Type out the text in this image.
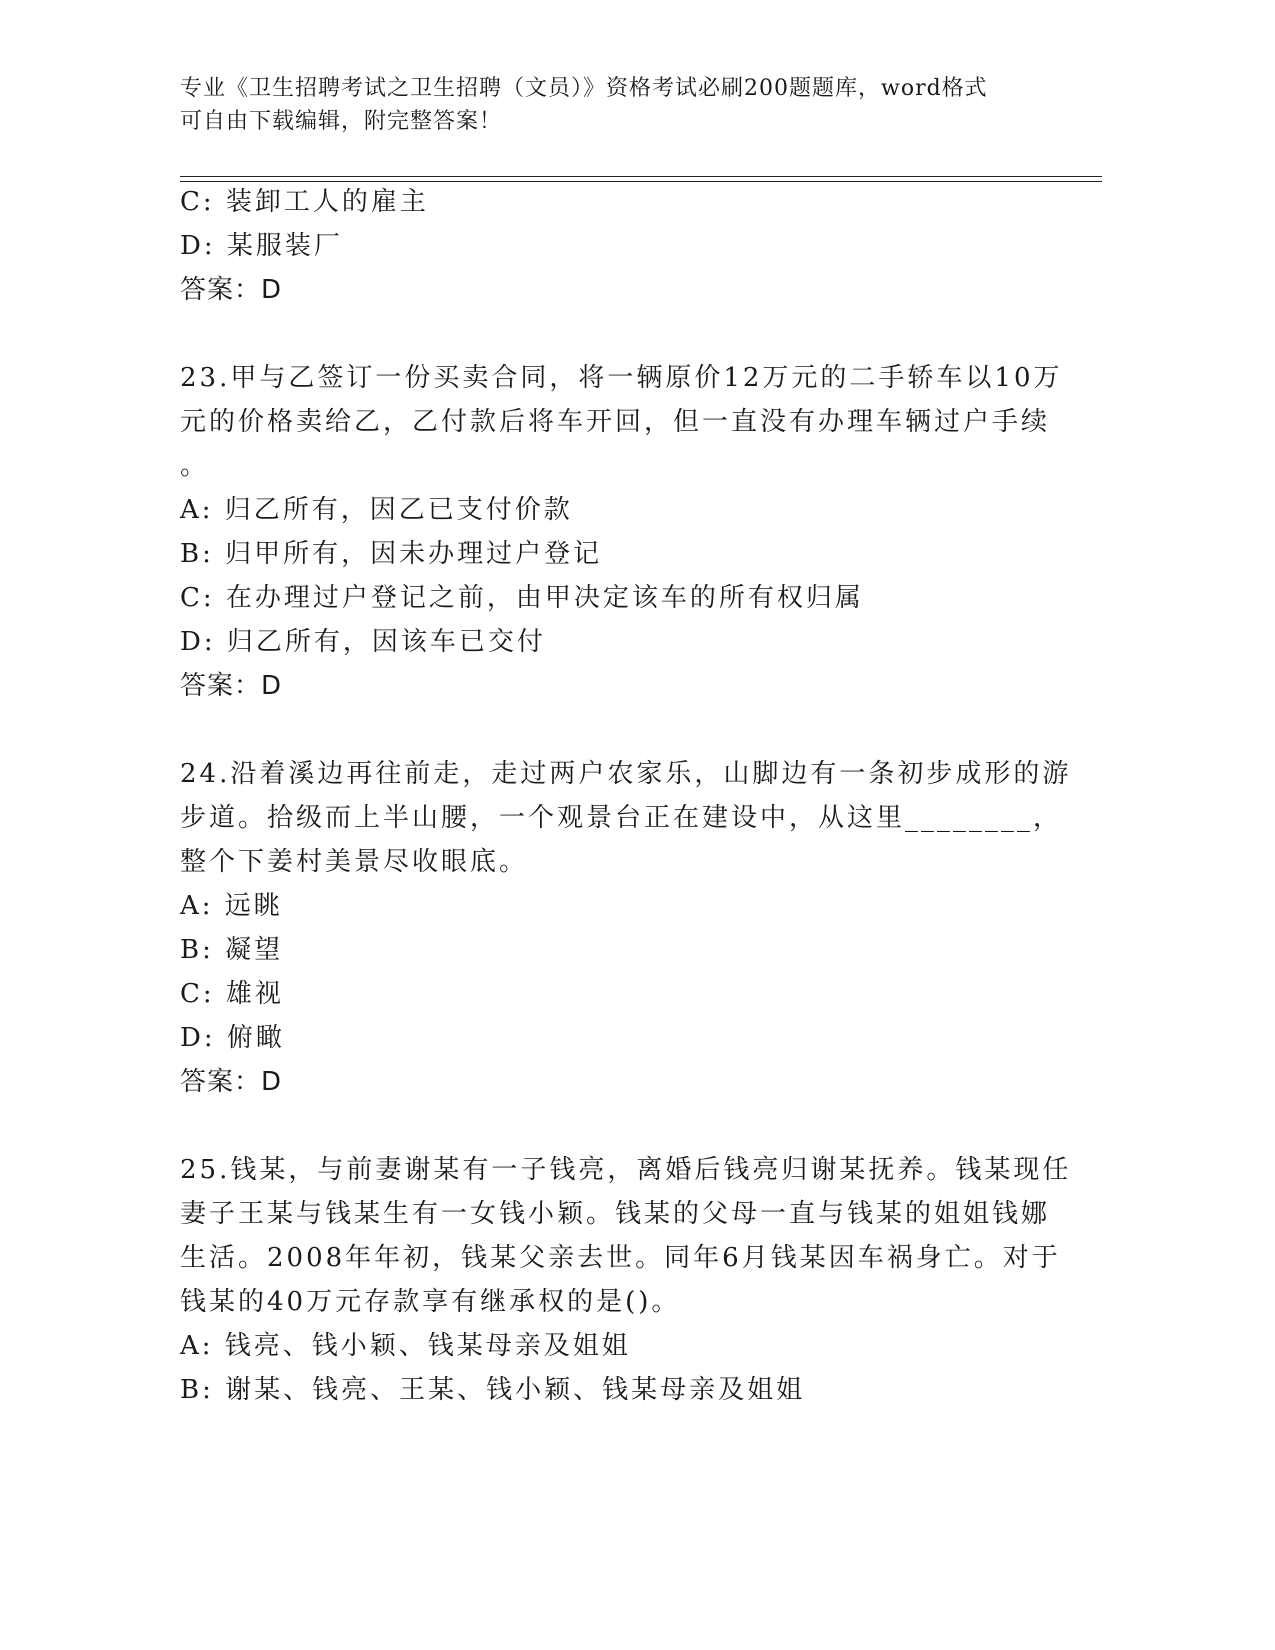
专业《卫生招聘考试之卫生招聘（文员）》资格考试必刷200题题库，word格式
可自由下载编辑，附完整答案！
C: 装卸工人的雇主
D: 某服装厂
答案：D
23.甲与乙签订一份买卖合同，将一辆原价12万元的二手轿车以10万
元的价格卖给乙，乙付款后将车开回，但一直没有办理车辆过户手续
。
A: 归乙所有，因乙已支付价款
B: 归甲所有，因未办理过户登记
C: 在办理过户登记之前，由甲决定该车的所有权归属
D: 归乙所有，因该车已交付
答案：D
24.沿着溪边再往前走，走过两户农家乐，山脚边有一条初步成形的游
步道。拾级而上半山腰，一个观景台正在建设中，从这里________，
整个下姜村美景尽收眼底。
A: 远眺
B: 凝望
C: 雄视
D: 俯瞰
答案：D
25.钱某，与前妻谢某有一子钱亮，离婚后钱亮归谢某抚养。钱某现任
妻子王某与钱某生有一女钱小颖。钱某的父母一直与钱某的姐姐钱娜
生活。2008年年初，钱某父亲去世。同年6月钱某因车祸身亡。对于
钱某的40万元存款享有继承权的是()。
A: 钱亮、钱小颖、钱某母亲及姐姐
B: 谢某、钱亮、王某、钱小颖、钱某母亲及姐姐
